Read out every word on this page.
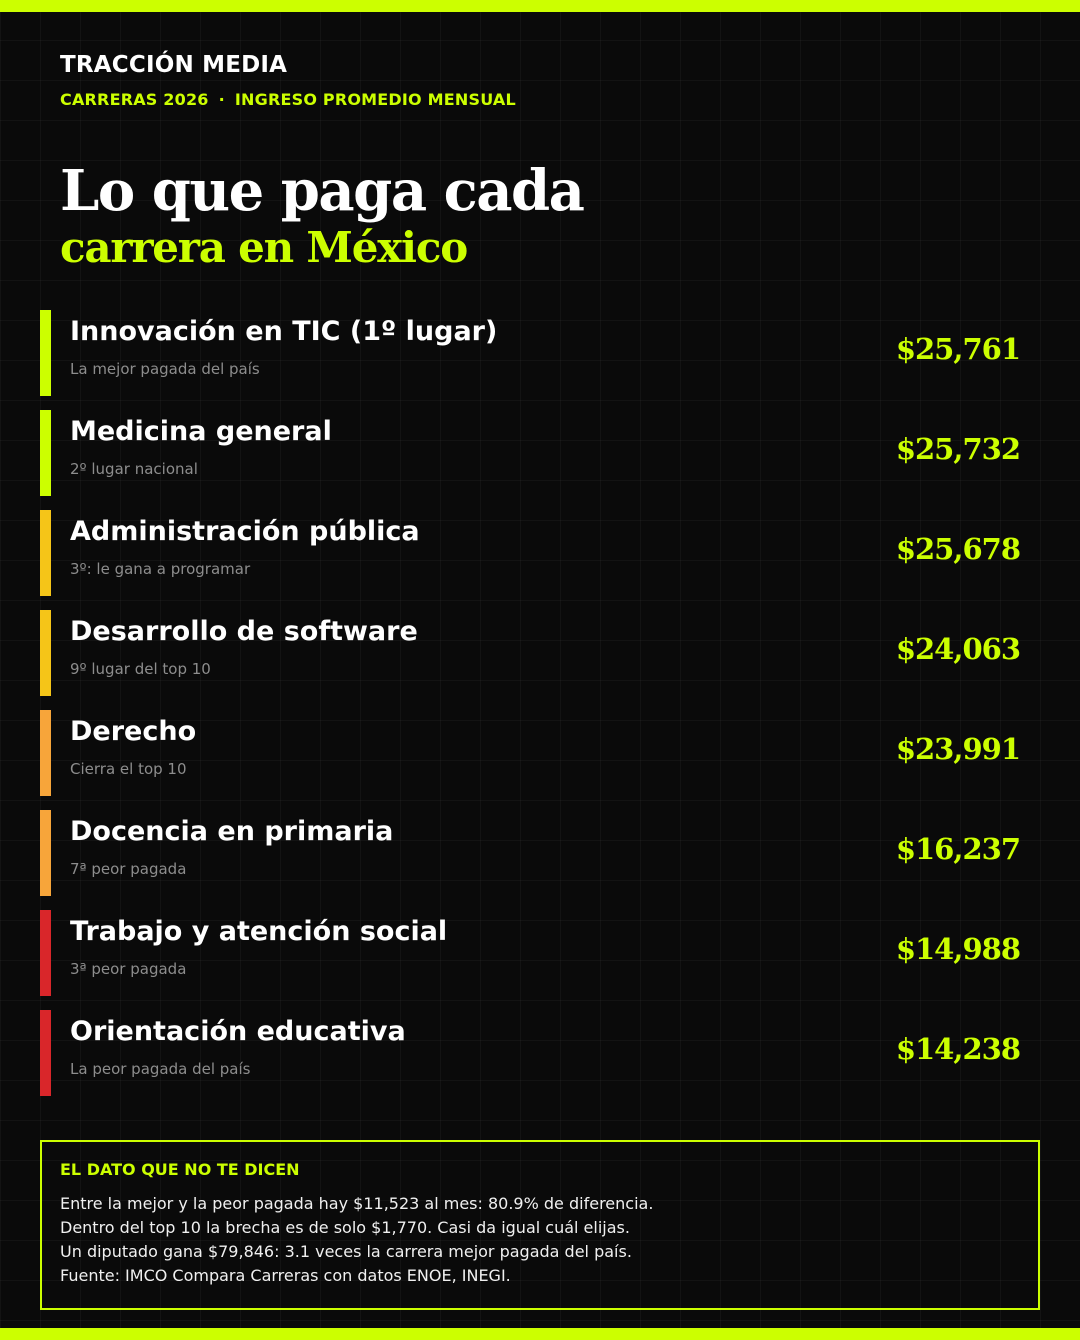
TRACCIÓN MEDIA
CARRERAS 2026 · INGRESO PROMEDIO MENSUAL
Lo que paga cada
carrera en México
Innovación en TIC (1º lugar)
La mejor pagada del país
$25,761
Medicina general
2º lugar nacional
$25,732
Administración pública
3º: le gana a programar
$25,678
Desarrollo de software
9º lugar del top 10
$24,063
Derecho
Cierra el top 10
$23,991
Docencia en primaria
7ª peor pagada
$16,237
Trabajo y atención social
3ª peor pagada
$14,988
Orientación educativa
La peor pagada del país
$14,238
EL DATO QUE NO TE DICEN
Entre la mejor y la peor pagada hay $11,523 al mes: 80.9% de diferencia.
Dentro del top 10 la brecha es de solo $1,770. Casi da igual cuál elijas.
Un diputado gana $79,846: 3.1 veces la carrera mejor pagada del país.
Fuente: IMCO Compara Carreras con datos ENOE, INEGI.
